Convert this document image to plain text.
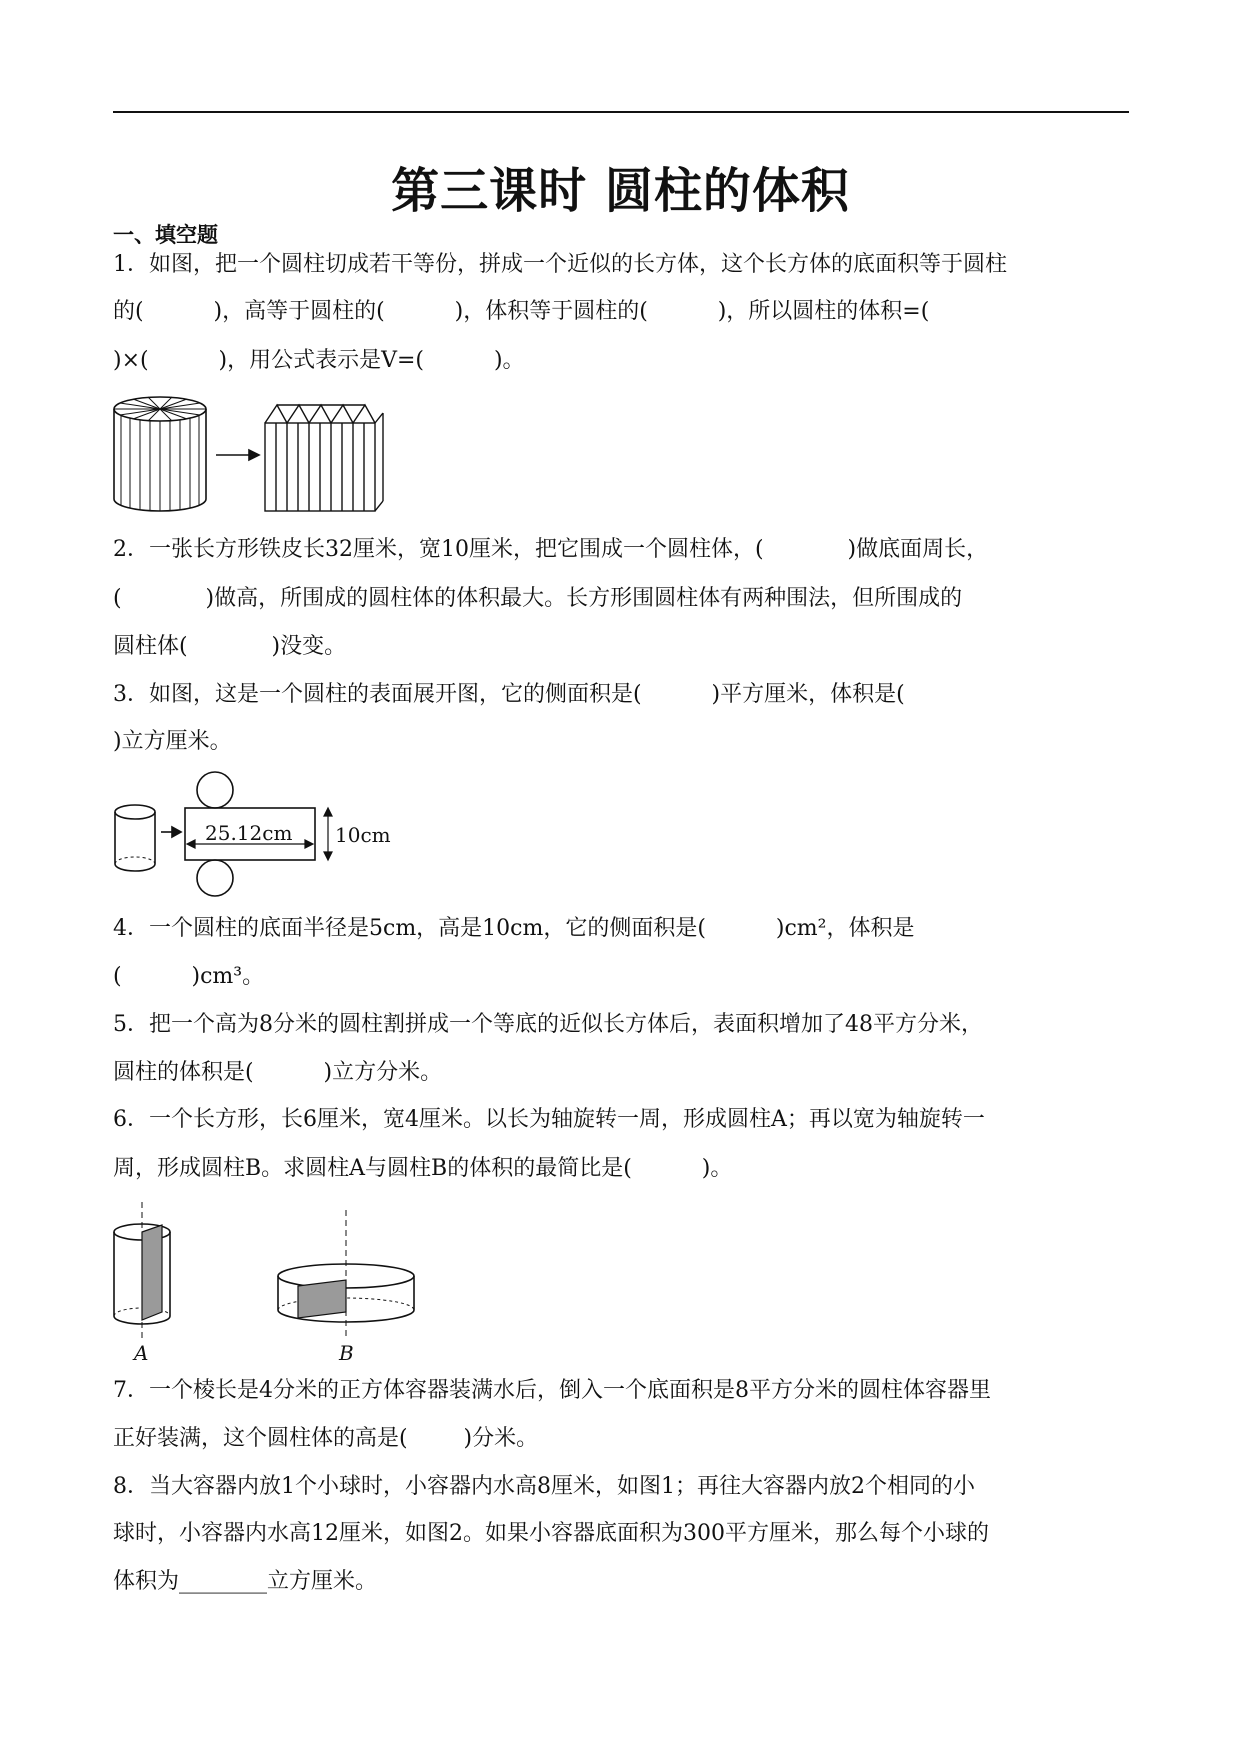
第三课时 圆柱的体积
一、填空题
1．如图，把一个圆柱切成若干等份，拼成一个近似的长方体，这个长方体的底面积等于圆柱
的(          )，高等于圆柱的(          )，体积等于圆柱的(          )，所以圆柱的体积=(
)×(          )，用公式表示是V=(          )。
2．一张长方形铁皮长32厘米，宽10厘米，把它围成一个圆柱体，(            )做底面周长，
(            )做高，所围成的圆柱体的体积最大。长方形围圆柱体有两种围法，但所围成的
圆柱体(            )没变。
3．如图，这是一个圆柱的表面展开图，它的侧面积是(          )平方厘米，体积是(
)立方厘米。
25.12cm 10cm
4．一个圆柱的底面半径是5cm，高是10cm，它的侧面积是(          )cm²，体积是
(          )cm³。
5．把一个高为8分米的圆柱割拼成一个等底的近似长方体后，表面积增加了48平方分米，
圆柱的体积是(          )立方分米。
6．一个长方形，长6厘米，宽4厘米。以长为轴旋转一周，形成圆柱A；再以宽为轴旋转一
周，形成圆柱B。求圆柱A与圆柱B的体积的最简比是(          )。
A	B
7．一个棱长是4分米的正方体容器装满水后，倒入一个底面积是8平方分米的圆柱体容器里
正好装满，这个圆柱体的高是(        )分米。
8．当大容器内放1个小球时，小容器内水高8厘米，如图1；再往大容器内放2个相同的小
球时，小容器内水高12厘米，如图2。如果小容器底面积为300平方厘米，那么每个小球的
体积为________立方厘米。
